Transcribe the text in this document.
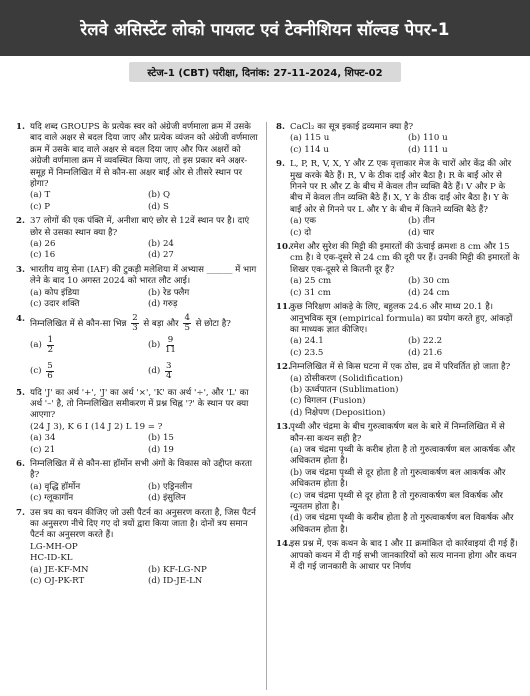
रेलवे असिस्टेंट लोको पायलट एवं टेक्नीशियन सॉल्वड पेपर-1
स्टेज-1 (CBT) परीक्षा, दिनांक: 27-11-2024, शिफ्ट-02
1. यदि शब्द GROUPS के प्रत्येक स्वर को अंग्रेजी वर्णमाला क्रम में उसके बाद वाले अक्षर से बदल दिया जाए और प्रत्येक व्यंजन को अंग्रेजी वर्णमाला क्रम में उसके बाद वाले अक्षर से बदल दिया जाए और फिर अक्षरों को अंग्रेजी वर्णमाला क्रम में व्यवस्थित किया जाए, तो इस प्रकार बने अक्षर-समूह में निम्नलिखित में से कौन-सा अक्षर बाईं ओर से तीसरे स्थान पर होगा?
(a) T	(b) Q
(c) P	(d) S
2. 37 लोगों की एक पंक्ति में, अनीशा बाएं छोर से 12वें स्थान पर है। दाएं छोर से उसका स्थान क्या है?
(a) 26	(b) 24
(c) 16	(d) 27
3. भारतीय वायु सेना (IAF) की टुकड़ी मलेशिया में अभ्यास ______ में भाग लेने के बाद 10 अगस्त 2024 को भारत लौट आई।
(a) कोप इंडिया	(b) रेड फ्लैग
(c) उदार शक्ति	(d) गरुड़
4. निम्नलिखित में से कौन-सा भिन्न $\frac{2}{3}$ से बड़ा और $\frac{4}{5}$ से छोटा है?
(a)
$\frac{1}{2}$	(b)
$\frac{9}{11}$
(c)
$\frac{5}{6}$	(d)
$\frac{3}{4}$
5. यदि 'J' का अर्थ '+', 'J' का अर्थ '×', 'K' का अर्थ '÷', और 'L' का अर्थ '–' है, तो निम्नलिखित समीकरण में प्रश्न चिह्न '?' के स्थान पर क्या आएगा?
(24 J 3), K 6 I (14 J 2) L 19 = ?
(a) 34	(b) 15
(c) 21	(d) 19
6. निम्नलिखित में से कौन-सा हॉर्मोन सभी अंगों के विकास को उद्दीप्त करता है?
(a) वृद्धि हॉर्मोन	(b) एड्रिनलीन
(c) ग्लूकागॉन	(d) इंसुलिन
7. उस त्रय का चयन कीजिए जो उसी पैटर्न का अनुसरण करता है, जिस पैटर्न का अनुसरण नीचे दिए गए दो त्रयों द्वारा किया जाता है। दोनों त्रय समान पैटर्न का अनुसरण करते हैं।
LG-MH-OP
HC-ID-KL
(a) JE-KF-MN	(b) KF-LG-NP
(c) OJ-PK-RT	(d) ID-JE-LN
8. CaCl₂ का सूत्र इकाई द्रव्यमान क्या है?
(a) 115 u	(b) 110 u
(c) 114 u	(d) 111 u
9. L, P, R, V, X, Y और Z एक वृत्ताकार मेज के चारों ओर केंद्र की ओर मुख करके बैठे हैं। R, V के ठीक दाईं ओर बैठा है। R के बाईं ओर से गिनने पर R और Z के बीच में केवल तीन व्यक्ति बैठे हैं। V और P के बीच में केवल तीन व्यक्ति बैठे हैं। X, Y के ठीक दाईं ओर बैठा है। Y के बाईं ओर से गिनने पर L और Y के बीच में कितने व्यक्ति बैठे हैं?
(a) एक	(b) तीन
(c) दो	(d) चार
10. रमेश और सुरेश की मिट्टी की इमारतों की ऊंचाई क्रमशः 8 cm और 15 cm है। वे एक-दूसरे से 24 cm की दूरी पर हैं। उनकी मिट्टी की इमारतों के शिखर एक-दूसरे से कितनी दूर हैं?
(a) 25 cm	(b) 30 cm
(c) 31 cm	(d) 24 cm
11. कुछ निरिक्षण आंकड़े के लिए, बहुलक 24.6 और माध्य 20.1 है। आनुभविक सूत्र (empirical formula) का प्रयोग करते हुए, आंकड़ों का माध्यक ज्ञात कीजिए।
(a) 24.1	(b) 22.2
(c) 23.5	(d) 21.6
12. निम्नलिखित में से किस घटना में एक ठोस, द्रव में परिवर्तित हो जाता है?
(a) ठोसीकरण (Solidification)
(b) ऊर्ध्वपातन (Sublimation)
(c) विगलन (Fusion)
(d) निक्षेपण (Deposition)
13. पृथ्वी और चंद्रमा के बीच गुरुत्वाकर्षण बल के बारे में निम्नलिखित में से कौन-सा कथन सही है?
(a) जब चंद्रमा पृथ्वी के करीब होता है तो गुरुत्वाकर्षण बल आकर्षक और अधिकतम होता है।
(b) जब चंद्रमा पृथ्वी से दूर होता है तो गुरुत्वाकर्षण बल आकर्षक और अधिकतम होता है।
(c) जब चंद्रमा पृथ्वी से दूर होता है तो गुरुत्वाकर्षण बल विकर्षक और न्यूनतम होता है।
(d) जब चंद्रमा पृथ्वी के करीब होता है तो गुरुत्वाकर्षण बल विकर्षक और अधिकतम होता है।
14. इस प्रश्न में, एक कथन के बाद I और II क्रमांकित दो कार्रवाइयां दी गई हैं। आपको कथन में दी गई सभी जानकारियों को सत्य मानना होगा और कथन में दी गई जानकारी के आधार पर निर्णय
